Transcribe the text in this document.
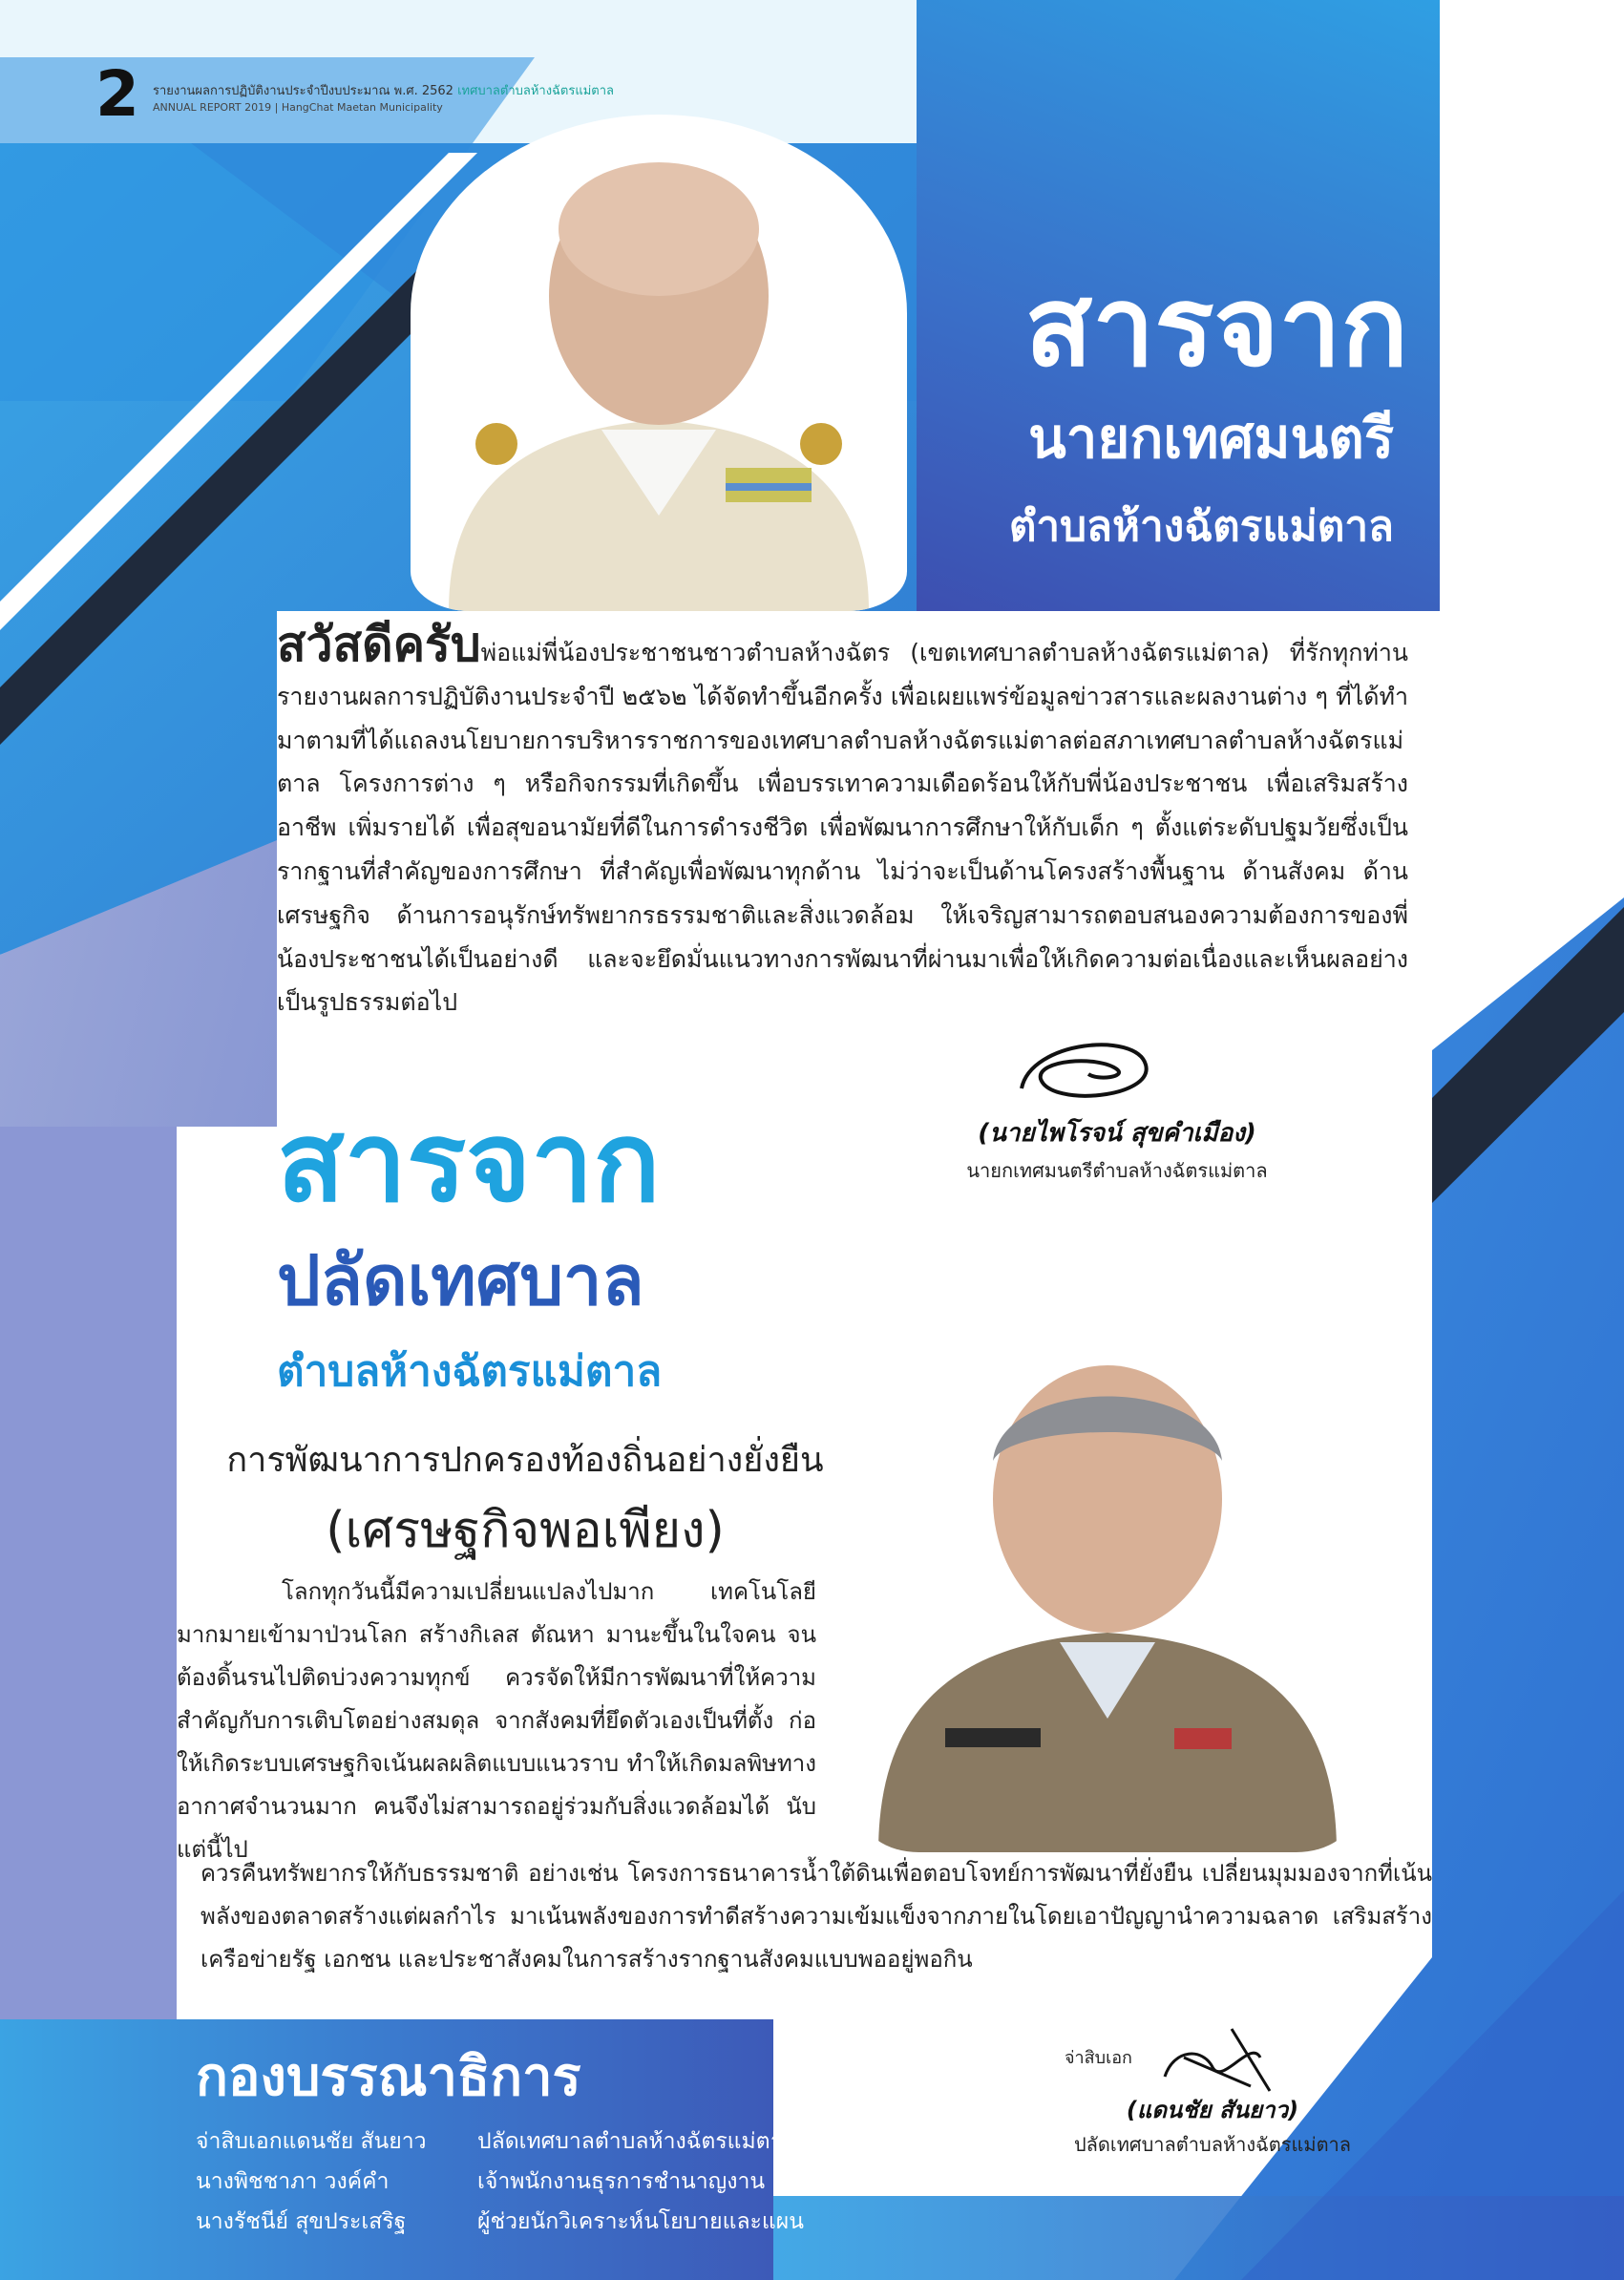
2 รายงานผลการปฏิบัติงานประจำปีงบประมาณ พ.ศ. 2562 เทศบาลตำบลห้างฉัตรแม่ตาล
ANNUAL REPORT 2019 | HangChat Maetan Municipality
สารจาก
นายกเทศมนตรี
ตำบลห้างฉัตรแม่ตาล
สวัสดีครับพ่อแม่พี่น้องประชาชนชาวตำบลห้างฉัตร (เขตเทศบาลตำบลห้างฉัตรแม่ตาล) ที่รักทุกท่าน รายงานผลการปฏิบัติงานประจำปี ๒๕๖๒ ได้จัดทำขึ้นอีกครั้ง เพื่อเผยแพร่ข้อมูลข่าวสารและผลงานต่าง ๆ ที่ได้ทำมาตามที่ได้แถลงนโยบายการบริหารราชการของเทศบาลตำบลห้างฉัตรแม่ตาลต่อสภาเทศบาลตำบลห้างฉัตรแม่ตาล โครงการต่าง ๆ หรือกิจกรรมที่เกิดขึ้น เพื่อบรรเทาความเดือดร้อนให้กับพี่น้องประชาชน เพื่อเสริมสร้างอาชีพ เพิ่มรายได้ เพื่อสุขอนามัยที่ดีในการดำรงชีวิต เพื่อพัฒนาการศึกษาให้กับเด็ก ๆ ตั้งแต่ระดับปฐมวัยซึ่งเป็นรากฐานที่สำคัญของการศึกษา ที่สำคัญเพื่อพัฒนาทุกด้าน ไม่ว่าจะเป็นด้านโครงสร้างพื้นฐาน ด้านสังคม ด้านเศรษฐกิจ ด้านการอนุรักษ์ทรัพยากรธรรมชาติและสิ่งแวดล้อม ให้เจริญสามารถตอบสนองความต้องการของพี่น้องประชาชนได้เป็นอย่างดี และจะยึดมั่นแนวทางการพัฒนาที่ผ่านมาเพื่อให้เกิดความต่อเนื่องและเห็นผลอย่างเป็นรูปธรรมต่อไป
(นายไพโรจน์ สุขคำเมือง)
นายกเทศมนตรีตำบลห้างฉัตรแม่ตาล
สารจาก
ปลัดเทศบาล
ตำบลห้างฉัตรแม่ตาล
การพัฒนาการปกครองท้องถิ่นอย่างยั่งยืน
(เศรษฐกิจพอเพียง)
โลกทุกวันนี้มีความเปลี่ยนแปลงไปมาก เทคโนโลยีมากมายเข้ามาป่วนโลก สร้างกิเลส ตัณหา มานะขึ้นในใจคน จนต้องดิ้นรนไปติดบ่วงความทุกข์ ควรจัดให้มีการพัฒนาที่ให้ความสำคัญกับการเติบโตอย่างสมดุล จากสังคมที่ยึดตัวเองเป็นที่ตั้ง ก่อให้เกิดระบบเศรษฐกิจเน้นผลผลิตแบบแนวราบ ทำให้เกิดมลพิษทางอากาศจำนวนมาก คนจึงไม่สามารถอยู่ร่วมกับสิ่งแวดล้อมได้ นับแต่นี้ไป
ควรคืนทรัพยากรให้กับธรรมชาติ อย่างเช่น โครงการธนาคารน้ำใต้ดินเพื่อตอบโจทย์การพัฒนาที่ยั่งยืน เปลี่ยนมุมมองจากที่เน้นพลังของตลาดสร้างแต่ผลกำไร มาเน้นพลังของการทำดีสร้างความเข้มแข็งจากภายในโดยเอาปัญญานำความฉลาด เสริมสร้างเครือข่ายรัฐ เอกชน และประชาสังคมในการสร้างรากฐานสังคมแบบพออยู่พอกิน
จ่าสิบเอก
(แดนชัย สันยาว)
ปลัดเทศบาลตำบลห้างฉัตรแม่ตาล
กองบรรณาธิการ
จ่าสิบเอกแดนชัย สันยาว ปลัดเทศบาลตำบลห้างฉัตรแม่ตาล
นางพิชชาภา วงค์คำ	เจ้าพนักงานธุรการชำนาญงาน
นางรัชนีย์ สุขประเสริฐ	ผู้ช่วยนักวิเคราะห์นโยบายและแผน
